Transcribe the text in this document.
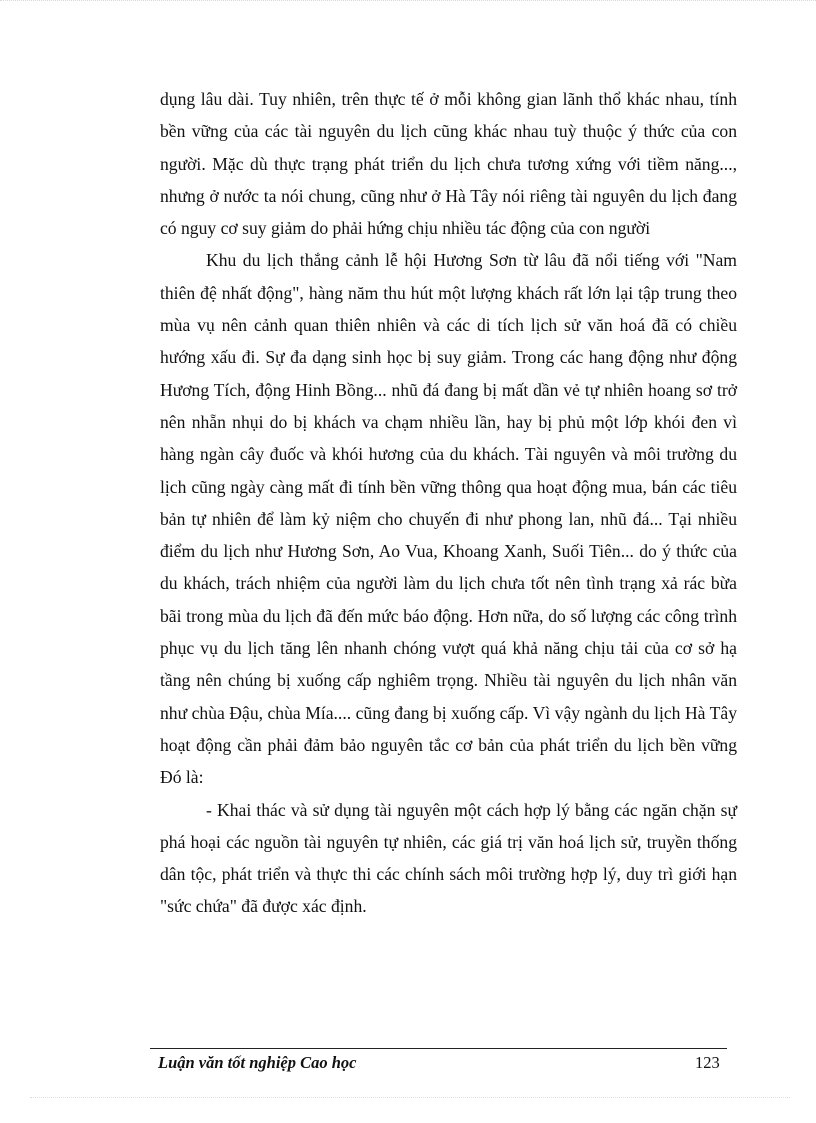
dụng lâu dài. Tuy nhiên, trên thực tế ở mỗi không gian lãnh thổ khác nhau, tính bền vững của các tài nguyên du lịch cũng khác nhau tuỳ thuộc ý thức của con người. Mặc dù thực trạng phát triển du lịch chưa tương xứng với tiềm năng..., nhưng ở nước ta nói chung, cũng như ở Hà Tây nói riêng tài nguyên du lịch đang có nguy cơ suy giảm do phải hứng chịu nhiều tác động của con người

Khu du lịch thắng cảnh lễ hội Hương Sơn từ lâu đã nổi tiếng với "Nam thiên đệ nhất động", hàng năm thu hút một lượng khách rất lớn lại tập trung theo mùa vụ nên cảnh quan thiên nhiên và các di tích lịch sử văn hoá đã có chiều hướng xấu đi. Sự đa dạng sinh học bị suy giảm. Trong các hang động như động Hương Tích, động Hinh Bồng... nhũ đá đang bị mất dần vẻ tự nhiên hoang sơ trở nên nhẵn nhụi do bị khách va chạm nhiều lần, hay bị phủ một lớp khói đen vì hàng ngàn cây đuốc và khói hương của du khách. Tài nguyên và môi trường du lịch cũng ngày càng mất đi tính bền vững thông qua hoạt động mua, bán các tiêu bản tự nhiên để làm kỷ niệm cho chuyến đi như phong lan, nhũ đá... Tại nhiều điểm du lịch như Hương Sơn, Ao Vua, Khoang Xanh, Suối Tiên... do ý thức của du khách, trách nhiệm của người làm du lịch chưa tốt nên tình trạng xả rác bừa bãi trong mùa du lịch đã đến mức báo động. Hơn nữa, do số lượng các công trình phục vụ du lịch tăng lên nhanh chóng vượt quá khả năng chịu tải của cơ sở hạ tầng nên chúng bị xuống cấp nghiêm trọng. Nhiều tài nguyên du lịch nhân văn như chùa Đậu, chùa Mía.... cũng đang bị xuống cấp. Vì vậy ngành du lịch Hà Tây hoạt động cần phải đảm bảo nguyên tắc cơ bản của phát triển du lịch bền vững Đó là:

- Khai thác và sử dụng tài nguyên một cách hợp lý bằng các ngăn chặn sự phá hoại các nguồn tài nguyên tự nhiên, các giá trị văn hoá lịch sử, truyền thống dân tộc, phát triển và thực thi các chính sách môi trường hợp lý, duy trì giới hạn "sức chứa" đã được xác định.

Luận văn tốt nghiệp Cao học	123
